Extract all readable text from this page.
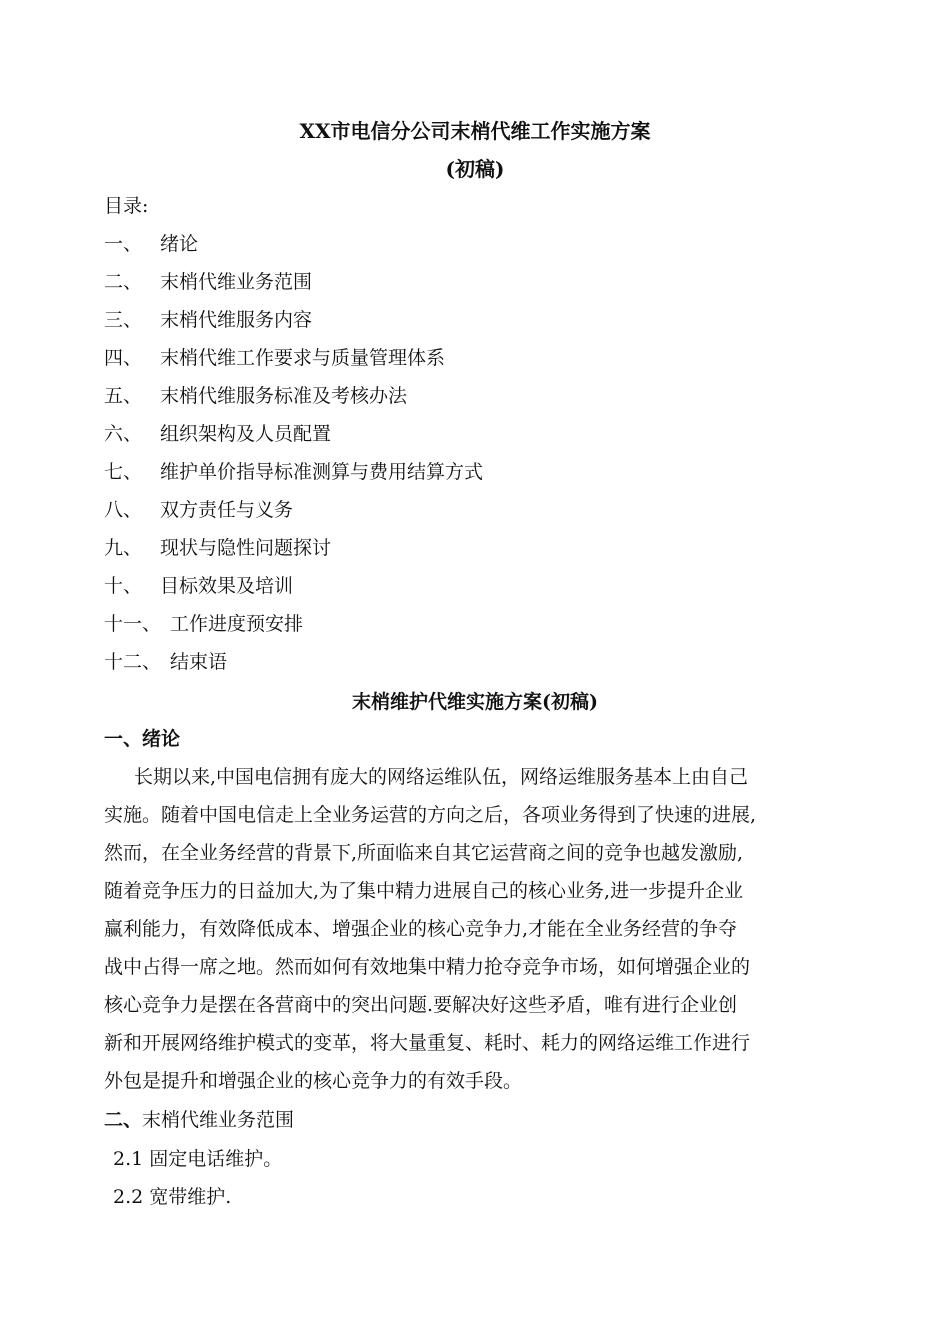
XX市电信分公司末梢代维工作实施方案
(初稿)
目录:
一、 绪论
二、 末梢代维业务范围
三、 末梢代维服务内容
四、 末梢代维工作要求与质量管理体系
五、 末梢代维服务标准及考核办法
六、 组织架构及人员配置
七、 维护单价指导标准测算与费用结算方式
八、 双方责任与义务
九、 现状与隐性问题探讨
十、 目标效果及培训
十一、 工作进度预安排
十二、 结束语
末梢维护代维实施方案(初稿)
一、绪论
长期以来,中国电信拥有庞大的网络运维队伍，网络运维服务基本上由自己
实施。随着中国电信走上全业务运营的方向之后，各项业务得到了快速的进展,
然而，在全业务经营的背景下,所面临来自其它运营商之间的竞争也越发激励,
随着竞争压力的日益加大,为了集中精力进展自己的核心业务,进一步提升企业
赢利能力，有效降低成本、增强企业的核心竞争力,才能在全业务经营的争夺
战中占得一席之地。然而如何有效地集中精力抢夺竞争市场，如何增强企业的
核心竞争力是摆在各营商中的突出问题.要解决好这些矛盾，唯有进行企业创
新和开展网络维护模式的变革，将大量重复、耗时、耗力的网络运维工作进行
外包是提升和增强企业的核心竞争力的有效手段。
二、末梢代维业务范围
2.1 固定电话维护。
2.2 宽带维护.
